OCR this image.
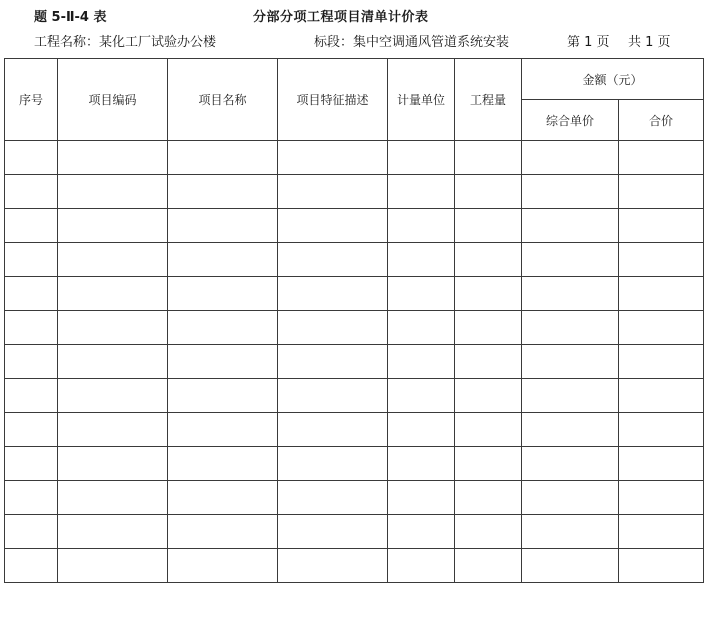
题 5-Ⅱ-4 表	分部分项工程项目清单计价表
工程名称：某化工厂试验办公楼	标段：集中空调通风管道系统安装	第 1 页 共 1 页
序号	项目编码	项目名称	项目特征描述	计量单位	工程量	金额（元）	
						综合单价	合价
